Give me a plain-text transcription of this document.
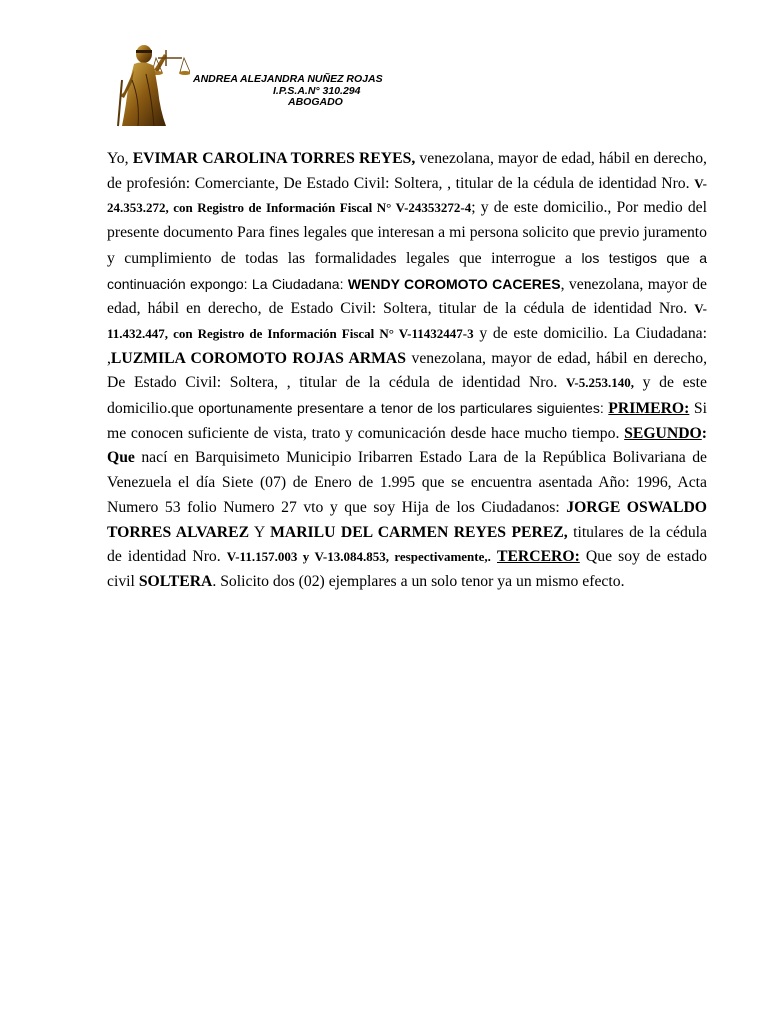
ANDREA ALEJANDRA NUÑEZ ROJAS
I.P.S.A.N° 310.294
ABOGADO
Yo, EVIMAR CAROLINA TORRES REYES, venezolana, mayor de edad, hábil en derecho, de profesión: Comerciante, De Estado Civil: Soltera, , titular de la cédula de identidad Nro. V-24.353.272, con Registro de Información Fiscal N° V-24353272-4; y de este domicilio., Por medio del presente documento Para fines legales que interesan a mi persona solicito que previo juramento y cumplimiento de todas las formalidades legales que interrogue a los testigos que a continuación expongo: La Ciudadana: WENDY COROMOTO CACERES, venezolana, mayor de edad, hábil en derecho, de Estado Civil: Soltera, titular de la cédula de identidad Nro. V-11.432.447, con Registro de Información Fiscal N° V-11432447-3 y de este domicilio. La Ciudadana: ,LUZMILA COROMOTO ROJAS ARMAS venezolana, mayor de edad, hábil en derecho, De Estado Civil: Soltera, , titular de la cédula de identidad Nro. V-5.253.140, y de este domicilio.que oportunamente presentare a tenor de los particulares siguientes: PRIMERO: Si me conocen suficiente de vista, trato y comunicación desde hace mucho tiempo. SEGUNDO: Que nací en Barquisimeto Municipio Iribarren Estado Lara de la República Bolivariana de Venezuela el día Siete (07) de Enero de 1.995 que se encuentra asentada Año: 1996, Acta Numero 53 folio Numero 27 vto y que soy Hija de los Ciudadanos: JORGE OSWALDO TORRES ALVAREZ Y MARILU DEL CARMEN REYES PEREZ, titulares de la cédula de identidad Nro. V-11.157.003 y V-13.084.853, respectivamente,. TERCERO: Que soy de estado civil SOLTERA. Solicito dos (02) ejemplares a un solo tenor ya un mismo efecto.
